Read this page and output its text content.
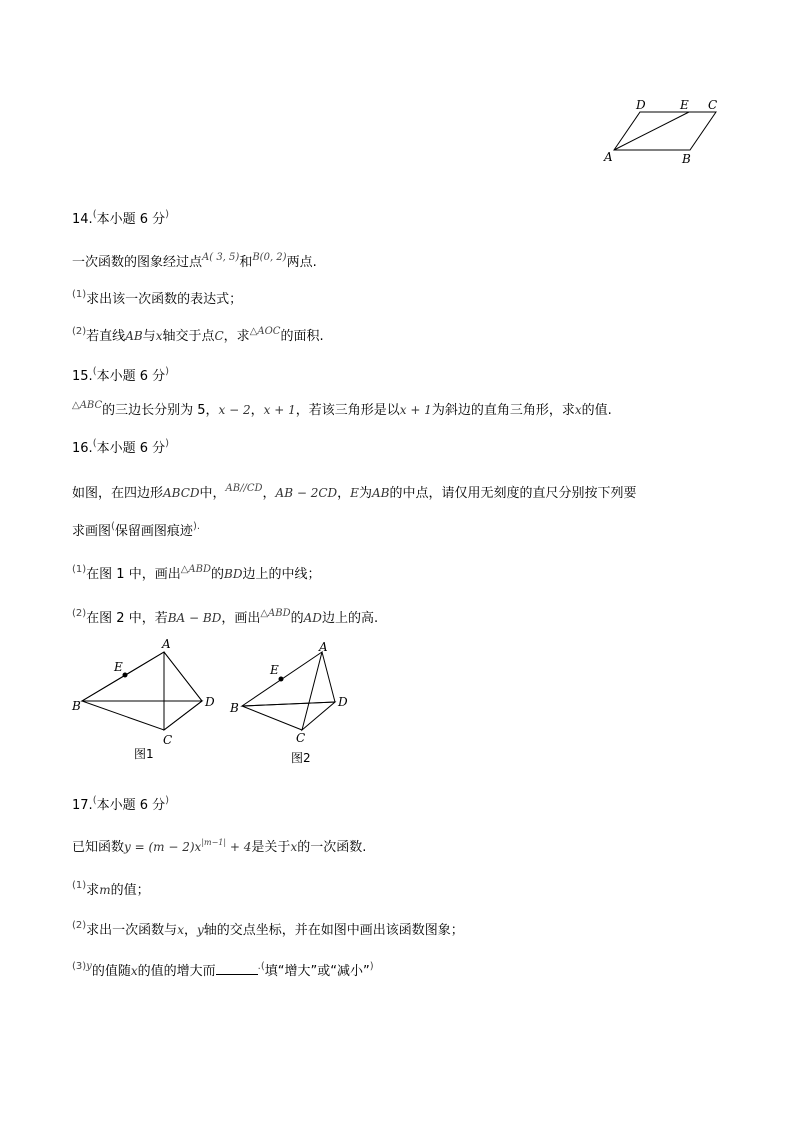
D	E C
A	B
14.(本小题 6 分)
一次函数的图象经过点$^{A( 3, 5)}$和$^{B(0, 2)}$两点.
$^{(1)}$求出该一次函数的表达式；
$^{(2)}$若直线AB与x轴交于点C，求$^{\triangle AOC}$的面积.
15.(本小题 6 分)
$^{\triangle ABC}$的三边长分别为 5，x − 2，x + 1，若该三角形是以x + 1为斜边的直角三角形，求x的值.
16.(本小题 6 分)
如图，在四边形ABCD中，$^{AB//CD}$，AB − 2CD，E为AB的中点，请仅用无刻度的直尺分别按下列要
求画图(保留画图痕迹).
$^{(1)}$在图 1 中，画出$^{\triangle ABD}$的BD边上的中线；
$^{(2)}$在图 2 中，若BA − BD，画出$^{\triangle ABD}$的AD边上的高.
A
E
B	D
C
图1
A
E
B	D
C
图2
17.(本小题 6 分)
已知函数$y = (m - 2)x^{|m-1|} + 4$是关于x的一次函数.
$^{(1)}$求m的值；
$^{(2)}$求出一次函数与x，y轴的交点坐标，并在如图中画出该函数图象；
$^{(3)y}$的值随x的值的增大而	.(填“增大”或“减小”)
